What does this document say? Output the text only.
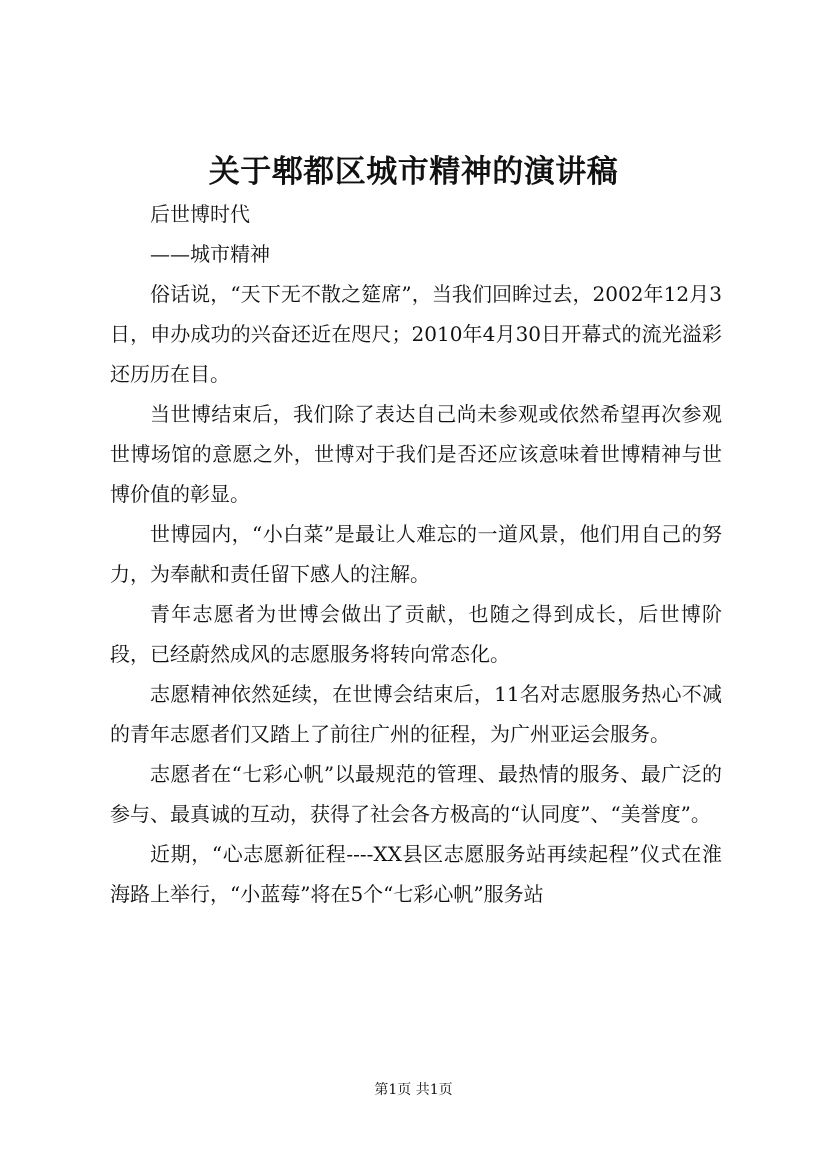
关于郫都区城市精神的演讲稿

后世博时代

——城市精神

俗话说，“天下无不散之筵席”，当我们回眸过去，2002年12月3日，申办成功的兴奋还近在咫尺；2010年4月30日开幕式的流光溢彩还历历在目。

当世博结束后，我们除了表达自己尚未参观或依然希望再次参观世博场馆的意愿之外，世博对于我们是否还应该意味着世博精神与世博价值的彰显。

世博园内，“小白菜”是最让人难忘的一道风景，他们用自己的努力，为奉献和责任留下感人的注解。

青年志愿者为世博会做出了贡献，也随之得到成长，后世博阶段，已经蔚然成风的志愿服务将转向常态化。

志愿精神依然延续，在世博会结束后，11名对志愿服务热心不减的青年志愿者们又踏上了前往广州的征程，为广州亚运会服务。

志愿者在“七彩心帆”以最规范的管理、最热情的服务、最广泛的参与、最真诚的互动，获得了社会各方极高的“认同度”、“美誉度”。

近期，“心志愿新征程----XX县区志愿服务站再续起程”仪式在淮海路上举行，“小蓝莓”将在5个“七彩心帆”服务站

第1页 共1页
